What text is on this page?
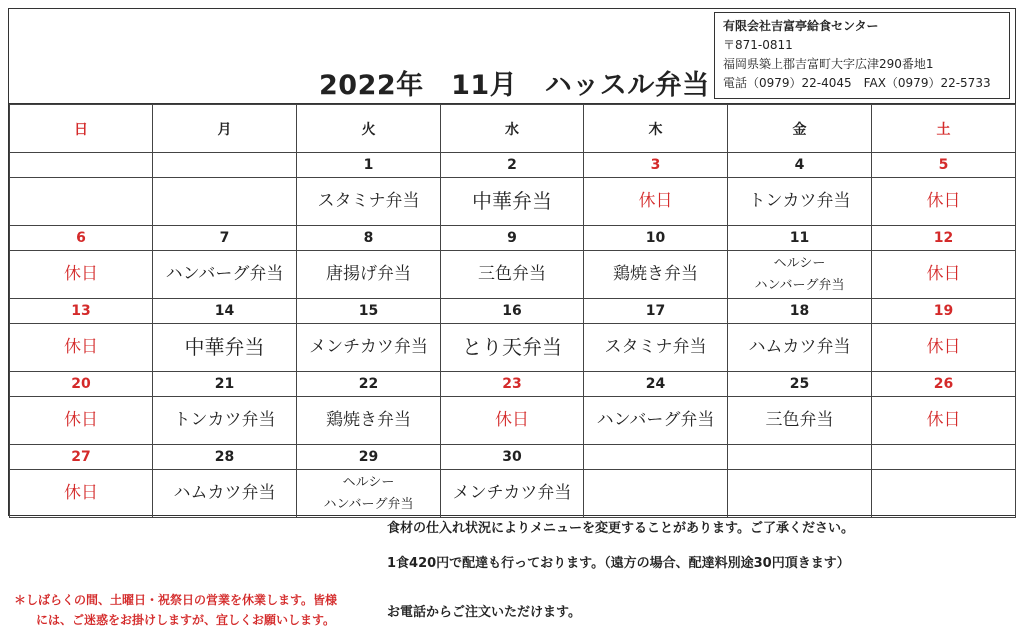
2022年　11月　ハッスル弁当
有限会社吉富亭給食センター
〒871-0811
福岡県築上郡吉富町大字広津290番地1
電話（0979）22-4045　FAX（0979）22-5733
日	月	火	水	木	金	土
		1	2	3	4	5
		スタミナ弁当	中華弁当	休日	トンカツ弁当	休日
6	7	8	9	10	11	12
休日	ハンバーグ弁当	唐揚げ弁当	三色弁当	鶏焼き弁当	ヘルシー
ハンバーグ弁当	休日
13	14	15	16	17	18	19
休日	中華弁当	メンチカツ弁当	とり天弁当	スタミナ弁当	ハムカツ弁当	休日
20	21	22	23	24	25	26
休日	トンカツ弁当	鶏焼き弁当	休日	ハンバーグ弁当	三色弁当	休日
27	28	29	30			
休日	ハムカツ弁当	ヘルシー
ハンバーグ弁当	メンチカツ弁当			
食材の仕入れ状況によりメニューを変更することがあります。ご了承ください。
1食420円で配達も行っております。（遠方の場合、配達料別途30円頂きます）
お電話からご注文いただけます。
＊しばらくの間、土曜日・祝祭日の営業を休業します。皆様
には、ご迷惑をお掛けしますが、宜しくお願いします。
